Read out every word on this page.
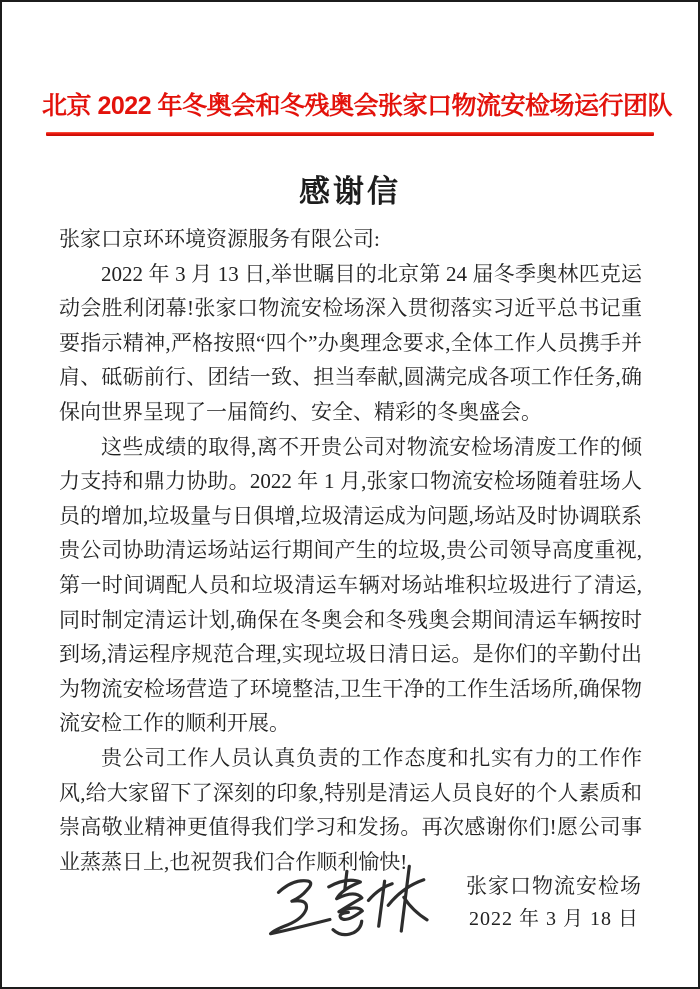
北京 2022 年冬奥会和冬残奥会张家口物流安检场运行团队
感谢信

张家口京环环境资源服务有限公司:

2022 年 3 月 13 日,举世瞩目的北京第 24 届冬季奥林匹克运动会胜利闭幕!张家口物流安检场深入贯彻落实习近平总书记重要指示精神,严格按照“四个”办奥理念要求,全体工作人员携手并肩、砥砺前行、团结一致、担当奉献,圆满完成各项工作任务,确保向世界呈现了一届简约、安全、精彩的冬奥盛会。

这些成绩的取得,离不开贵公司对物流安检场清废工作的倾力支持和鼎力协助。2022 年 1 月,张家口物流安检场随着驻场人员的增加,垃圾量与日俱增,垃圾清运成为问题,场站及时协调联系贵公司协助清运场站运行期间产生的垃圾,贵公司领导高度重视,第一时间调配人员和垃圾清运车辆对场站堆积垃圾进行了清运,同时制定清运计划,确保在冬奥会和冬残奥会期间清运车辆按时到场,清运程序规范合理,实现垃圾日清日运。是你们的辛勤付出为物流安检场营造了环境整洁,卫生干净的工作生活场所,确保物流安检工作的顺利开展。

贵公司工作人员认真负责的工作态度和扎实有力的工作作风,给大家留下了深刻的印象,特别是清运人员良好的个人素质和崇高敬业精神更值得我们学习和发扬。再次感谢你们!愿公司事业蒸蒸日上,也祝贺我们合作顺利愉快!

张家口物流安检场
2022 年 3 月 18 日
